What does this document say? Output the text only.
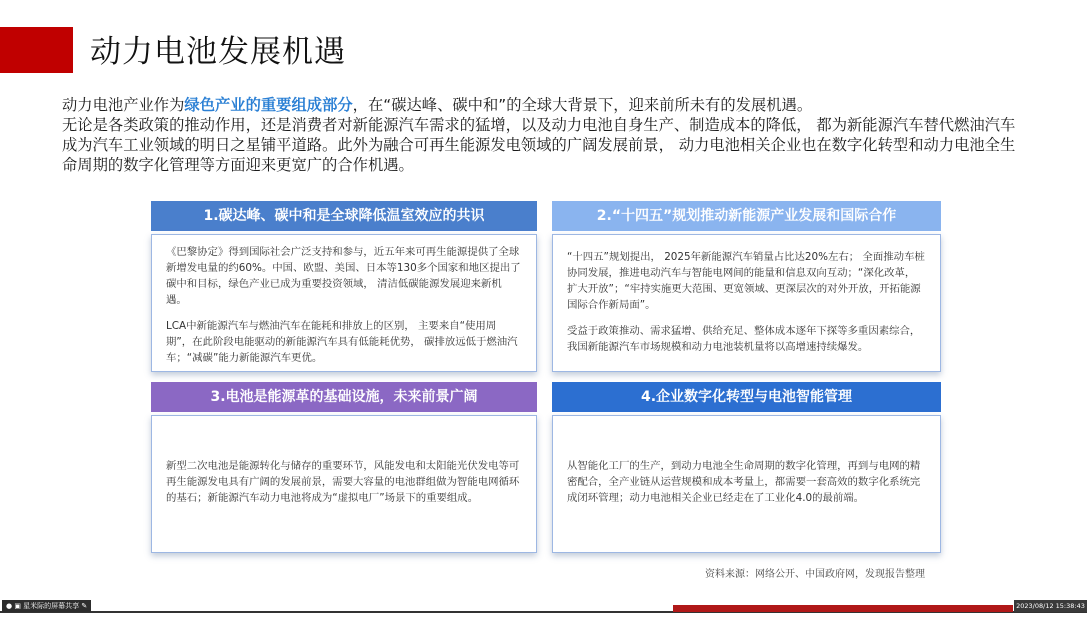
动力电池发展机遇

动力电池产业作为绿色产业的重要组成部分，在“碳达峰、碳中和”的全球大背景下，迎来前所未有的发展机遇。

无论是各类政策的推动作用，还是消费者对新能源汽车需求的猛增，以及动力电池自身生产、制造成本的降低， 都为新能源汽车替代燃油汽车成为汽车工业领域的明日之星铺平道路。此外为融合可再生能源发电领域的广阔发展前景， 动力电池相关企业也在数字化转型和动力电池全生命周期的数字化管理等方面迎来更宽广的合作机遇。

1.碳达峰、碳中和是全球降低温室效应的共识

《巴黎协定》得到国际社会广泛支持和参与，近五年来可再生能源提供了全球新增发电量的约60%。中国、欧盟、美国、日本等130多个国家和地区提出了碳中和目标，绿色产业已成为重要投资领域， 清洁低碳能源发展迎来新机遇。

LCA中新能源汽车与燃油汽车在能耗和排放上的区别， 主要来自“使用周期”，在此阶段电能驱动的新能源汽车具有低能耗优势， 碳排放远低于燃油汽车；“减碳”能力新能源汽车更优。

2.“十四五”规划推动新能源产业发展和国际合作

“十四五”规划提出， 2025年新能源汽车销量占比达20%左右； 全面推动车桩协同发展，推进电动汽车与智能电网间的能量和信息双向互动；“深化改革，扩大开放”；“牢持实施更大范围、更宽领域、更深层次的对外开放，开拓能源国际合作新局面”。

受益于政策推动、需求猛增、供给充足、整体成本逐年下探等多重因素综合，我国新能源汽车市场规模和动力电池装机量将以高增速持续爆发。

3.电池是能源革的基础设施，未来前景广阔

新型二次电池是能源转化与储存的重要环节，风能发电和太阳能光伏发电等可再生能源发电具有广阔的发展前景，需要大容量的电池群组做为智能电网循环的基石；新能源汽车动力电池将成为“虚拟电厂”场景下的重要组成。

4.企业数字化转型与电池智能管理

从智能化工厂的生产，到动力电池全生命周期的数字化管理，再到与电网的精密配合，全产业链从运营规模和成本考量上，都需要一套高效的数字化系统完成闭环管理；动力电池相关企业已经走在了工业化4.0的最前端。

资料来源：网络公开、中国政府网，发现报告整理
● ▣ 星米际的屏幕共享 ✎	2023/08/12 15:38:43
